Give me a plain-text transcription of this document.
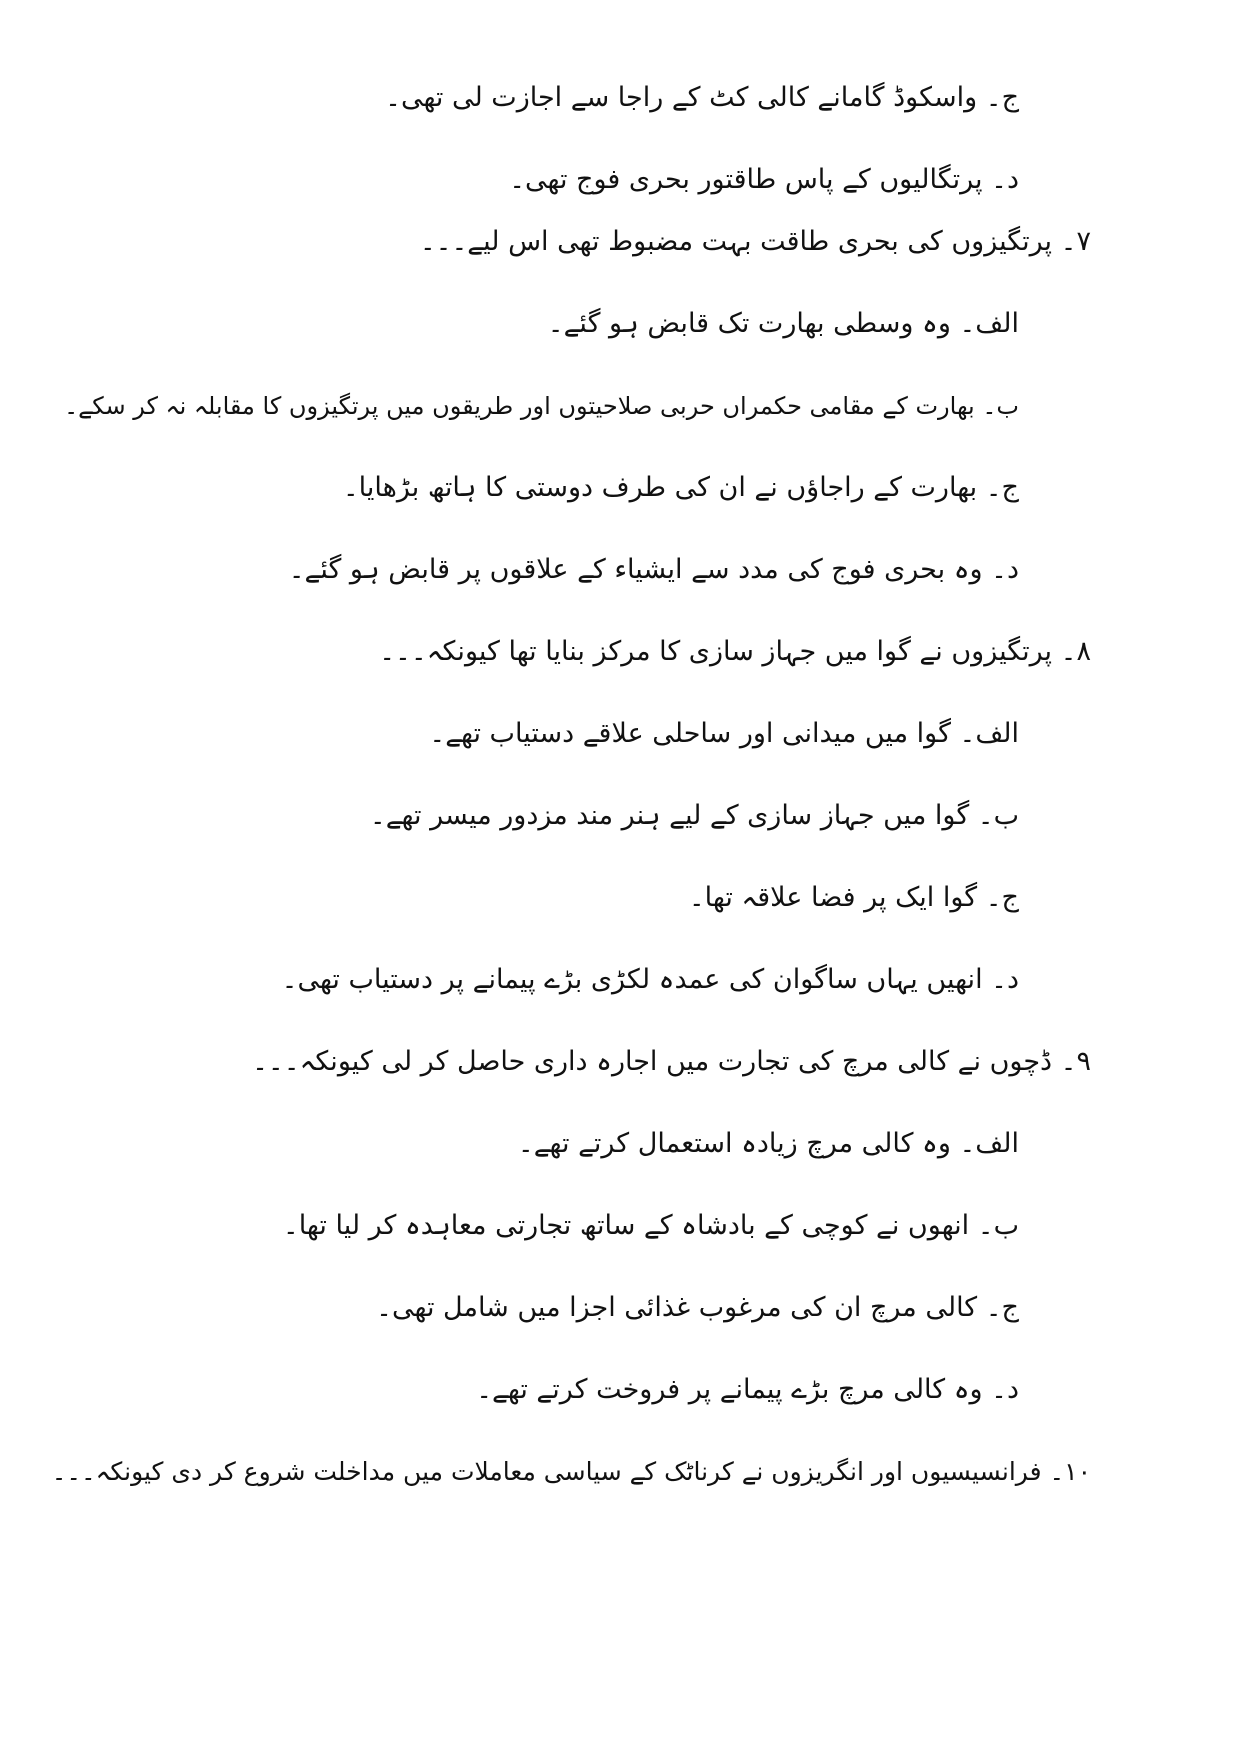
ج۔ واسکوڈ گامانے کالی کٹ کے راجا سے اجازت لی تھی۔
د۔ پرتگالیوں کے پاس طاقتور بحری فوج تھی۔
۷۔ پرتگیزوں کی بحری طاقت بہت مضبوط تھی اس لیے۔۔۔
الف۔ وہ وسطی بھارت تک قابض ہو گئے۔
ب۔ بھارت کے مقامی حکمراں حربی صلاحیتوں اور طریقوں میں پرتگیزوں کا مقابلہ نہ کر سکے۔
ج۔ بھارت کے راجاؤں نے ان کی طرف دوستی کا ہاتھ بڑھایا۔
د۔ وہ بحری فوج کی مدد سے ایشیاء کے علاقوں پر قابض ہو گئے۔
۸۔ پرتگیزوں نے گوا میں جہاز سازی کا مرکز بنایا تھا کیونکہ۔۔۔
الف۔ گوا میں میدانی اور ساحلی علاقے دستیاب تھے۔
ب۔ گوا میں جہاز سازی کے لیے ہنر مند مزدور میسر تھے۔
ج۔ گوا ایک پر فضا علاقہ تھا۔
د۔ انھیں یہاں ساگوان کی عمدہ لکڑی بڑے پیمانے پر دستیاب تھی۔
۹۔ ڈچوں نے کالی مرچ کی تجارت میں اجارہ داری حاصل کر لی کیونکہ۔۔۔
الف۔ وہ کالی مرچ زیادہ استعمال کرتے تھے۔
ب۔ انھوں نے کوچی کے بادشاہ کے ساتھ تجارتی معاہدہ کر لیا تھا۔
ج۔ کالی مرچ ان کی مرغوب غذائی اجزا میں شامل تھی۔
د۔ وہ کالی مرچ بڑے پیمانے پر فروخت کرتے تھے۔
۱۰۔ فرانسیسیوں اور انگریزوں نے کرناٹک کے سیاسی معاملات میں مداخلت شروع کر دی کیونکہ۔۔۔
